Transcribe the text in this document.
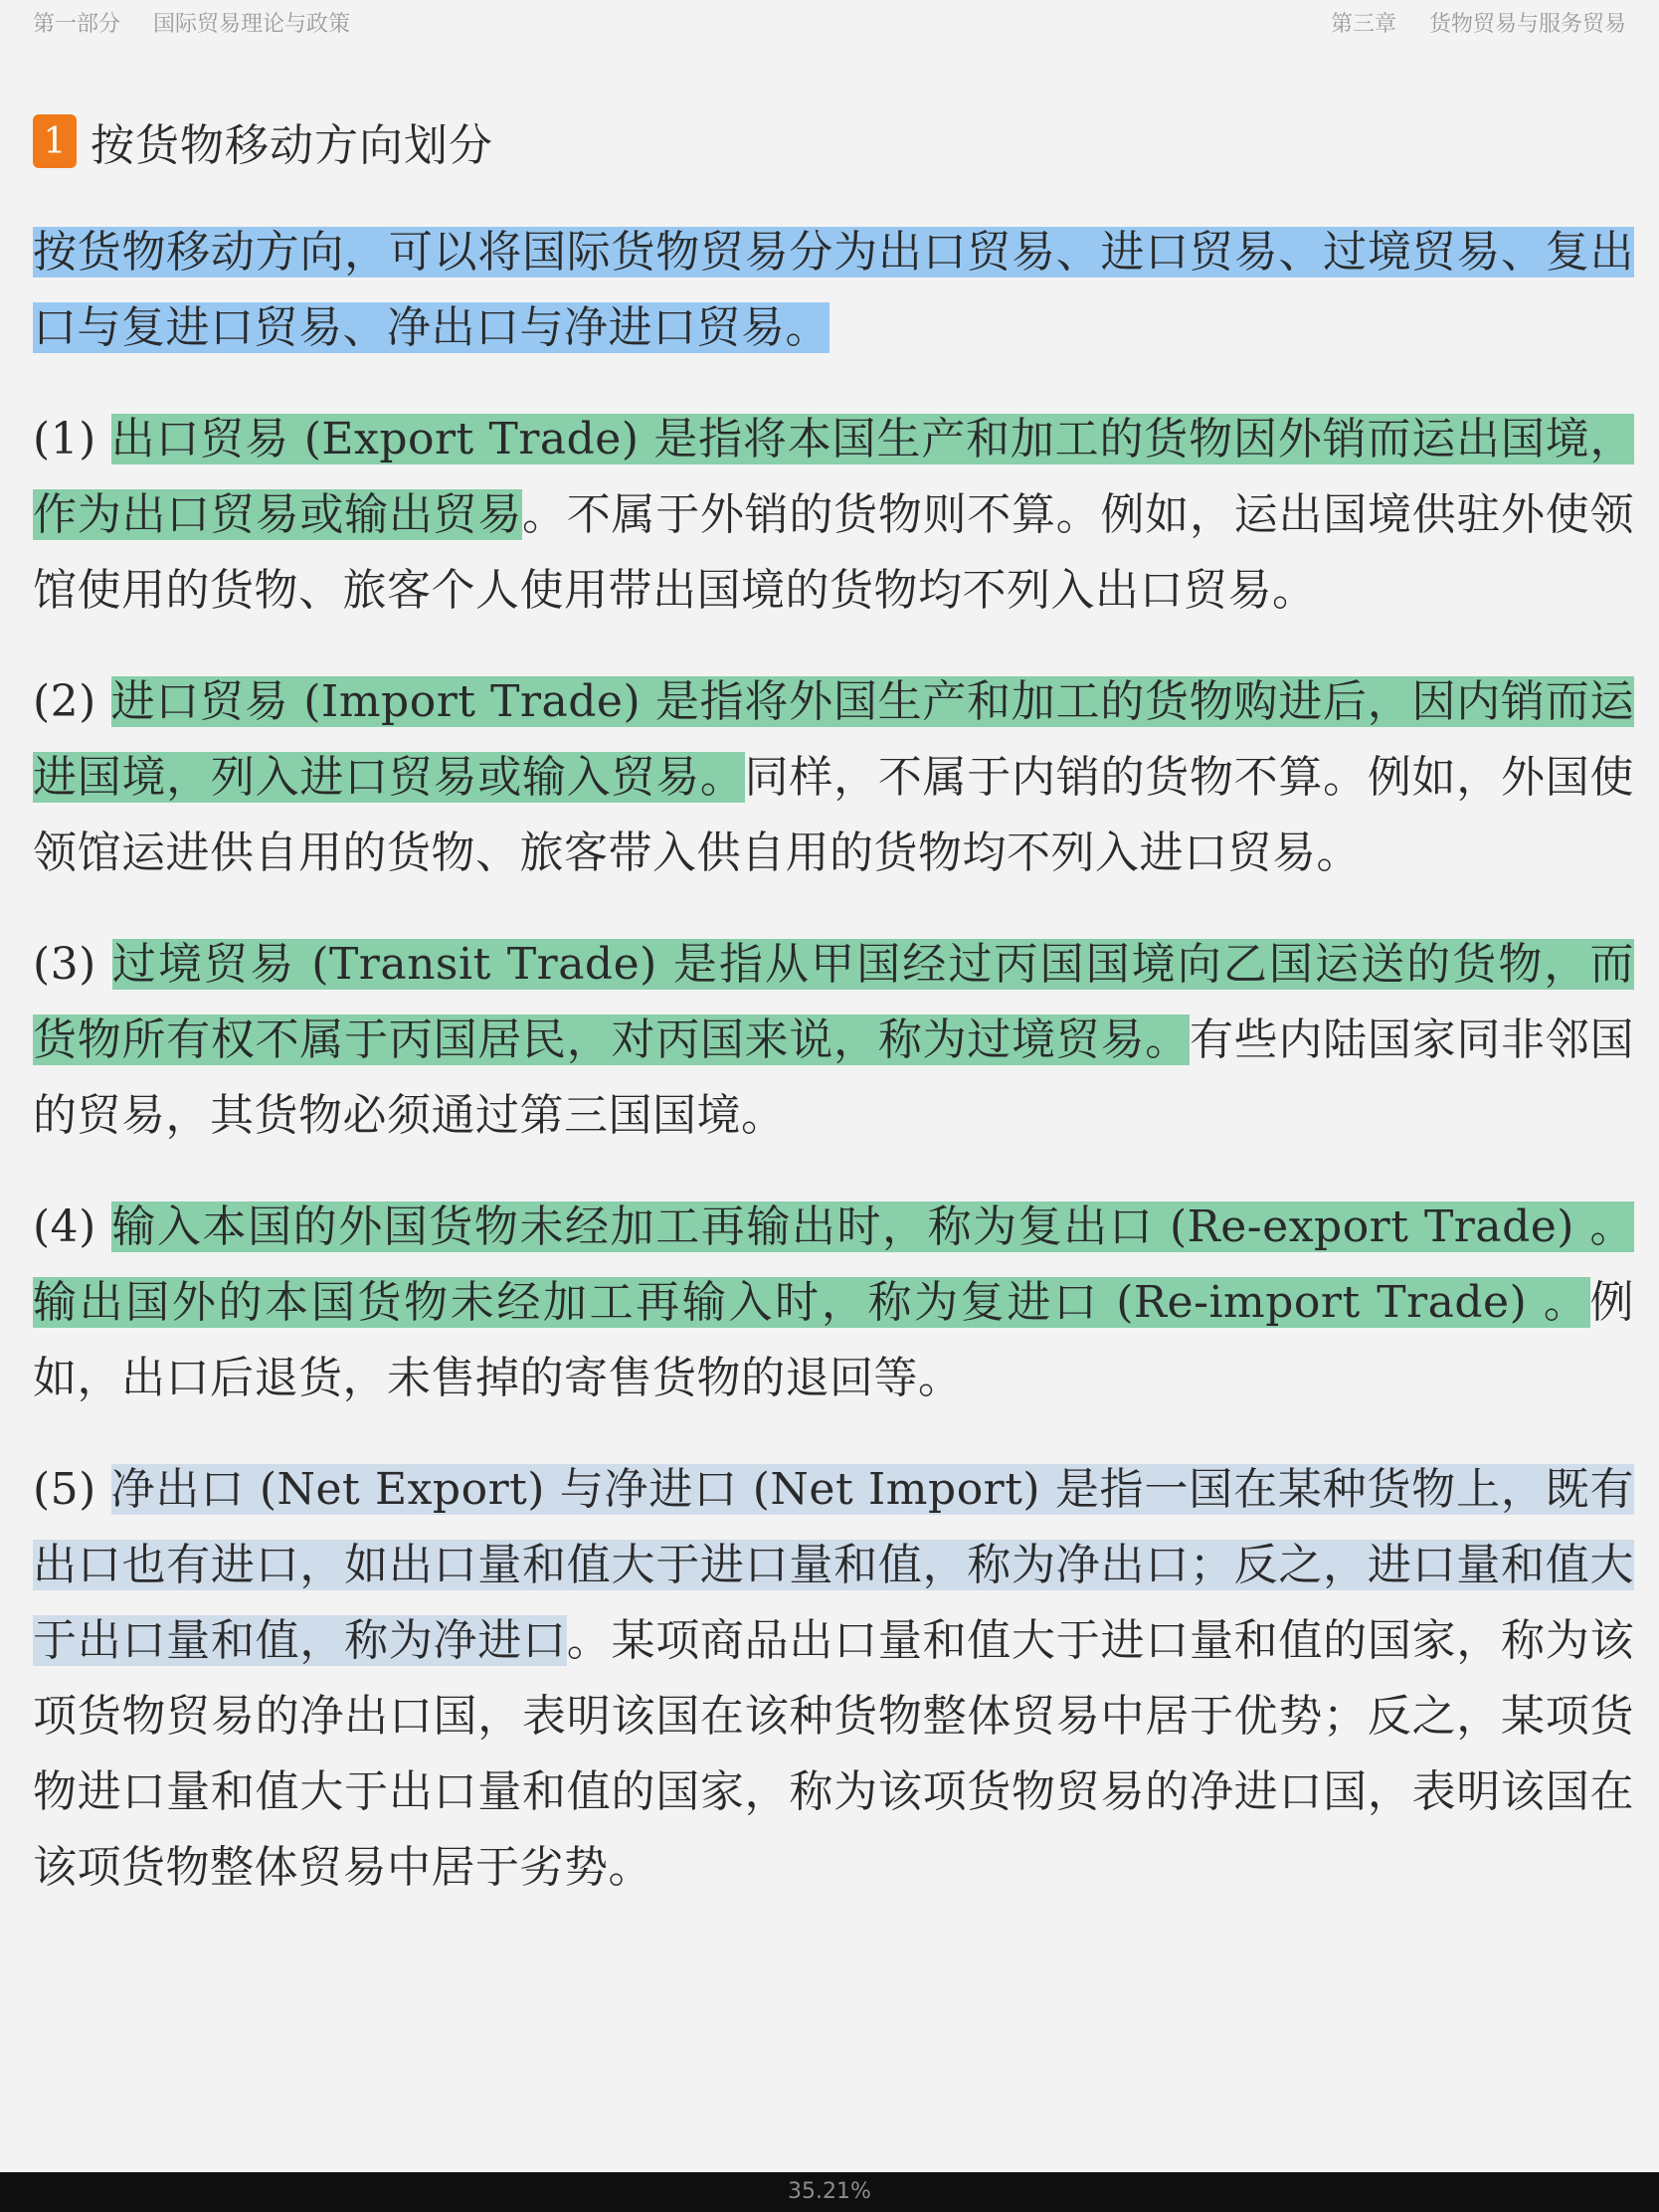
第一部分 国际贸易理论与政策	第三章 货物贸易与服务贸易
1 按货物移动方向划分

按货物移动方向，可以将国际货物贸易分为出口贸易、进口贸易、过境贸易、复出口与复进口贸易、净出口与净进口贸易。

(1) 出口贸易 (Export Trade) 是指将本国生产和加工的货物因外销而运出国境，作为出口贸易或输出贸易。不属于外销的货物则不算。例如，运出国境供驻外使领馆使用的货物、旅客个人使用带出国境的货物均不列入出口贸易。

(2) 进口贸易 (Import Trade) 是指将外国生产和加工的货物购进后，因内销而运进国境，列入进口贸易或输入贸易。同样，不属于内销的货物不算。例如，外国使领馆运进供自用的货物、旅客带入供自用的货物均不列入进口贸易。

(3) 过境贸易 (Transit Trade) 是指从甲国经过丙国国境向乙国运送的货物，而货物所有权不属于丙国居民，对丙国来说，称为过境贸易。有些内陆国家同非邻国的贸易，其货物必须通过第三国国境。

(4) 输入本国的外国货物未经加工再输出时，称为复出口 (Re-export Trade) 。输出国外的本国货物未经加工再输入时，称为复进口 (Re-import Trade) 。例如，出口后退货，未售掉的寄售货物的退回等。

(5) 净出口 (Net Export) 与净进口 (Net Import) 是指一国在某种货物上，既有出口也有进口，如出口量和值大于进口量和值，称为净出口；反之，进口量和值大于出口量和值，称为净进口。某项商品出口量和值大于进口量和值的国家，称为该项货物贸易的净出口国，表明该国在该种货物整体贸易中居于优势；反之，某项货物进口量和值大于出口量和值的国家，称为该项货物贸易的净进口国，表明该国在该项货物整体贸易中居于劣势。

35.21%
